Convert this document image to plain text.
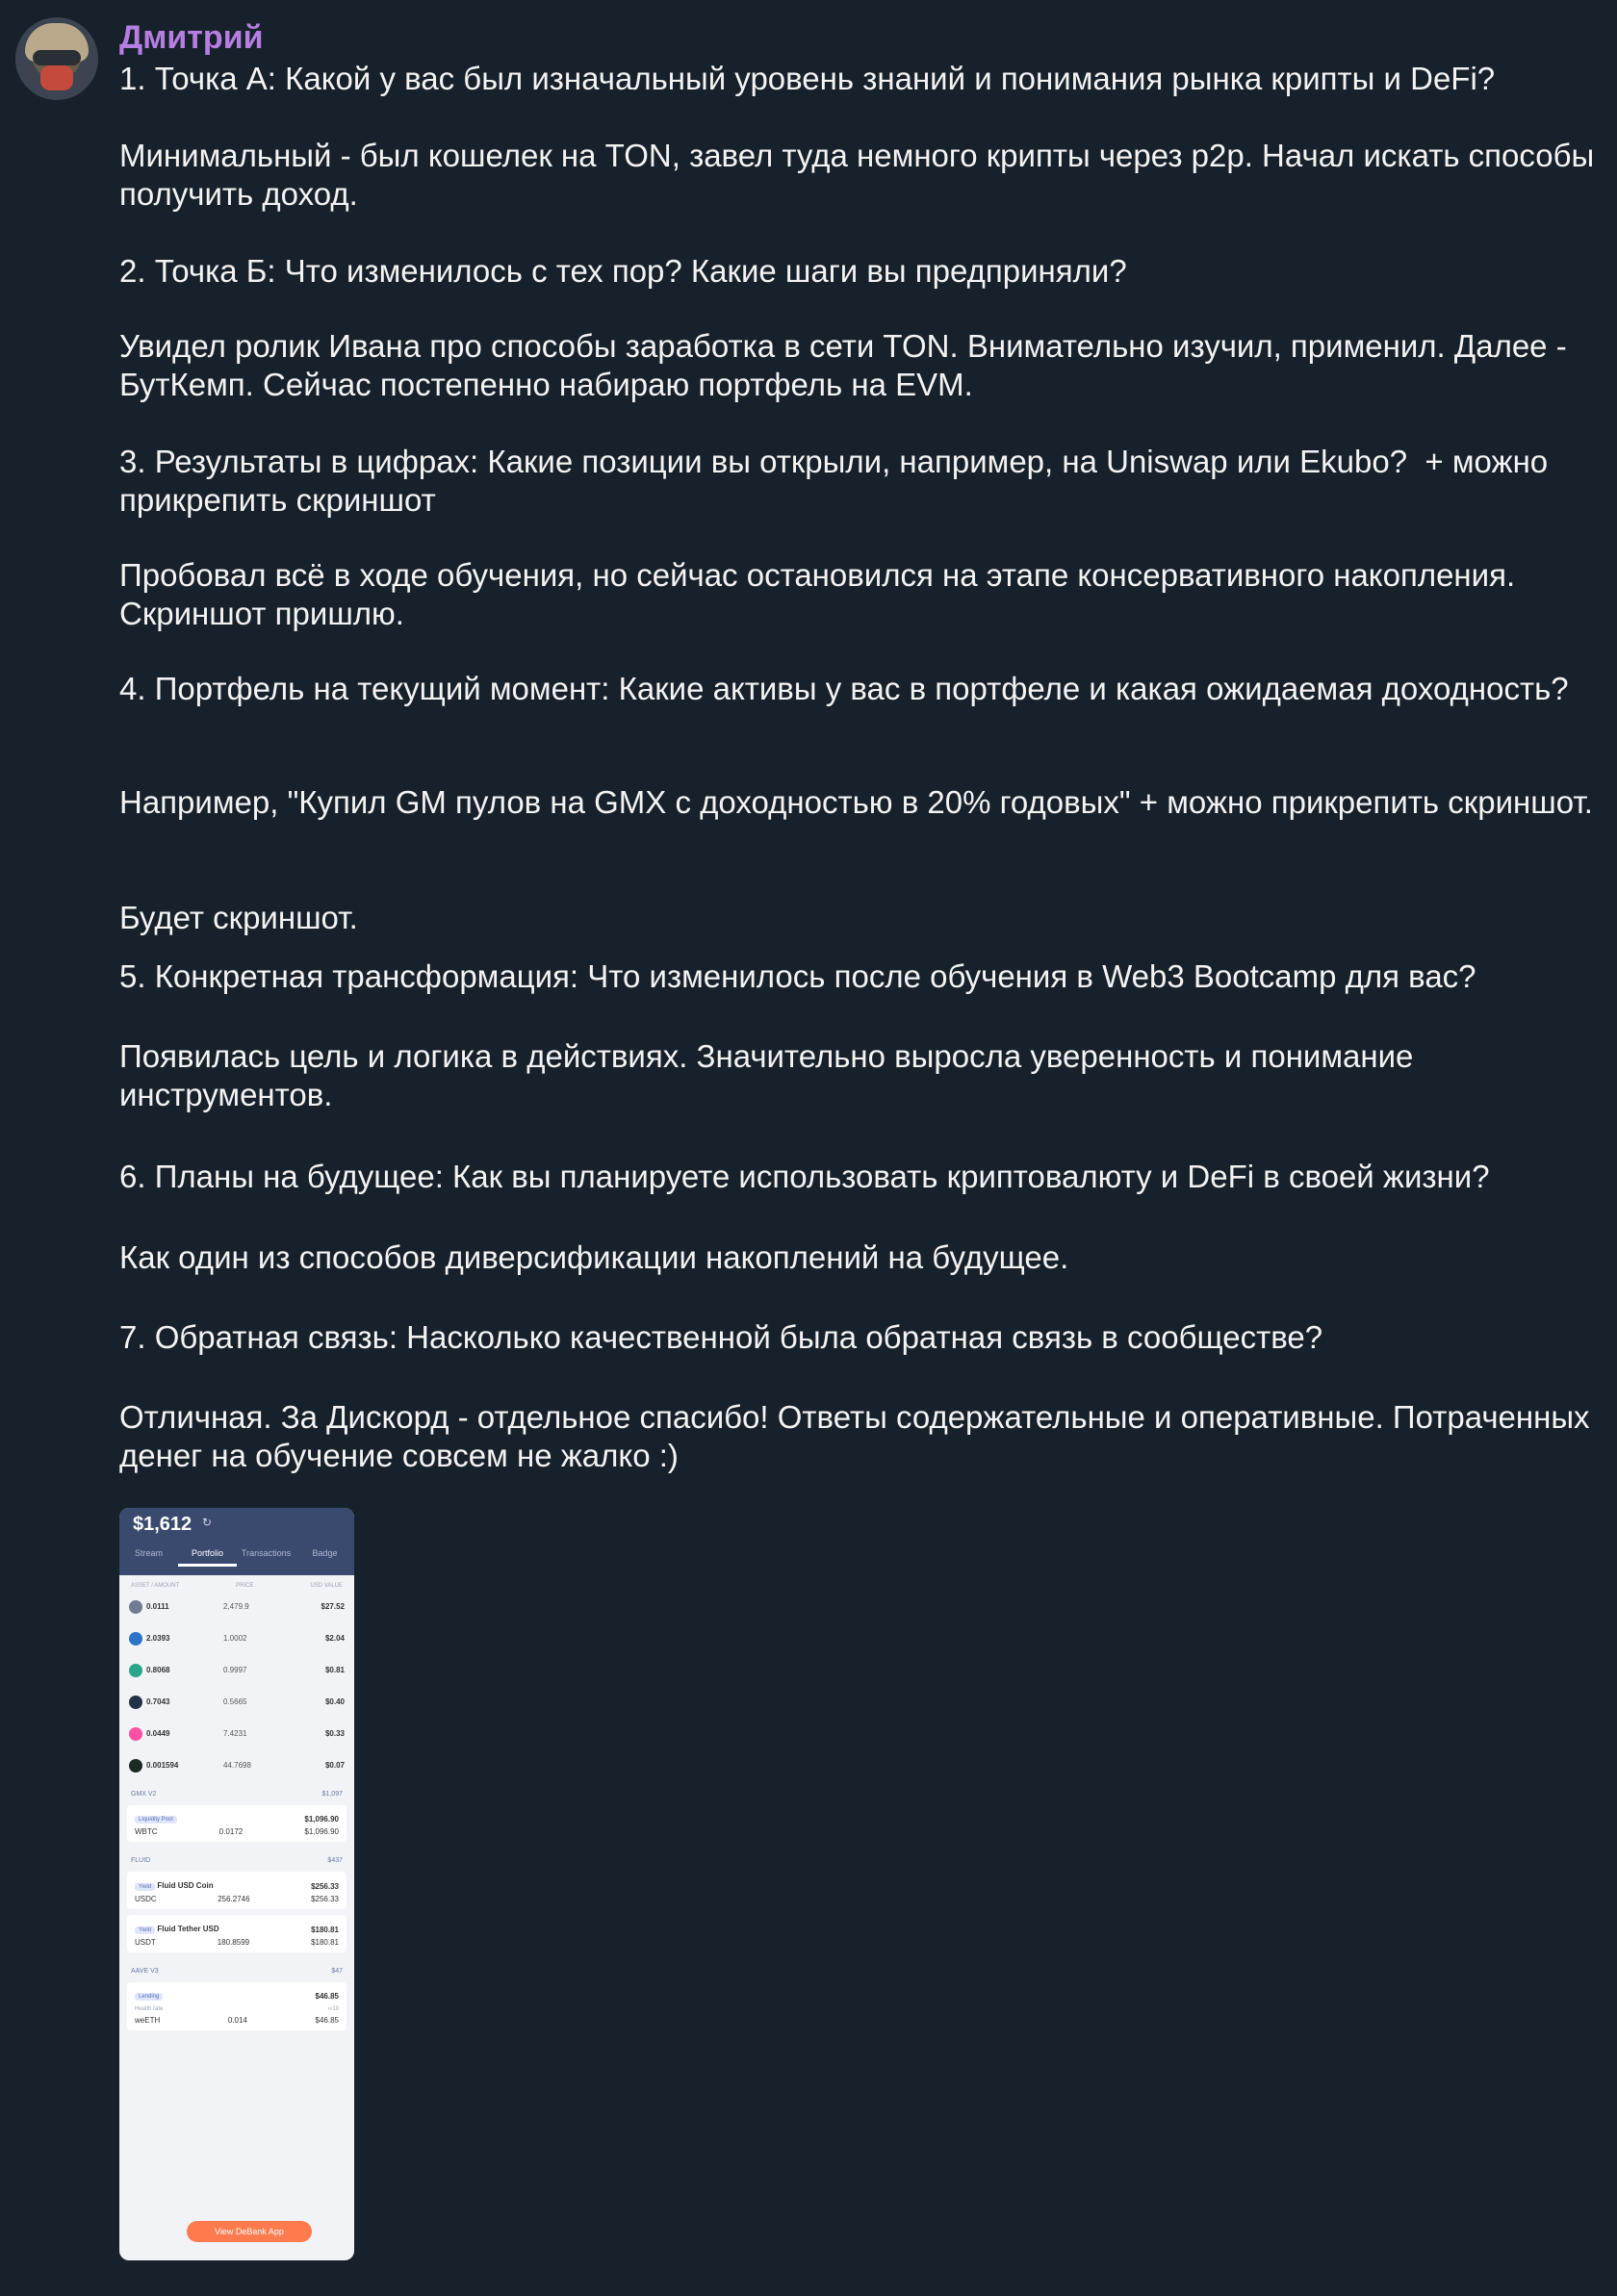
Дмитрий
1. Точка А: Какой у вас был изначальный уровень знаний и понимания рынка крипты и DeFi?
Минимальный - был кошелек на TON, завел туда немного крипты через p2p. Начал искать способы получить доход.
2. Точка Б: Что изменилось с тех пор? Какие шаги вы предприняли?
Увидел ролик Ивана про способы заработка в сети TON. Внимательно изучил, применил. Далее - БутКемп. Сейчас постепенно набираю портфель на EVM.
3. Результаты в цифрах: Какие позиции вы открыли, например, на Uniswap или Ekubo?  + можно прикрепить скриншот
Пробовал всё в ходе обучения, но сейчас остановился на этапе консервативного накопления. Скриншот пришлю.
4. Портфель на текущий момент: Какие активы у вас в портфеле и какая ожидаемая доходность?
Например, "Купил GM пулов на GMX с доходностью в 20% годовых" + можно прикрепить скриншот.
Будет скриншот.
5. Конкретная трансформация: Что изменилось после обучения в Web3 Bootcamp для вас?
Появилась цель и логика в действиях. Значительно выросла уверенность и понимание инструментов.
6. Планы на будущее: Как вы планируете использовать криптовалюту и DeFi в своей жизни?
Как один из способов диверсификации накоплений на будущее.
7. Обратная связь: Насколько качественной была обратная связь в сообществе?
Отличная. За Дискорд - отдельное спасибо! Ответы содержательные и оперативные. Потраченных денег на обучение совсем не жалко :)
$1,612 ↻
Stream	Portfolio	Transactions	Badge
ASSET / AMOUNT	PRICE	USD VALUE
0.0111	2,479.9	$27.52
2.0393	1.0002	$2.04
0.8068	0.9997	$0.81
0.7043	0.5665	$0.40
0.0449	7.4231	$0.33
0.001594	44.7698	$0.07
GMX V2	$1,097
Liquidity Pool	$1,096.90
WBTC	0.0172	$1,096.90
FLUID	$437
Yield Fluid USD Coin	$256.33
USDC	256.2746	$256.33
Yield Fluid Tether USD	$180.81
USDT	180.8599	$180.81
AAVE V3	$47
Lending	$46.85
Health rate	∞10
weETH	0.014	$46.85
View DeBank App
